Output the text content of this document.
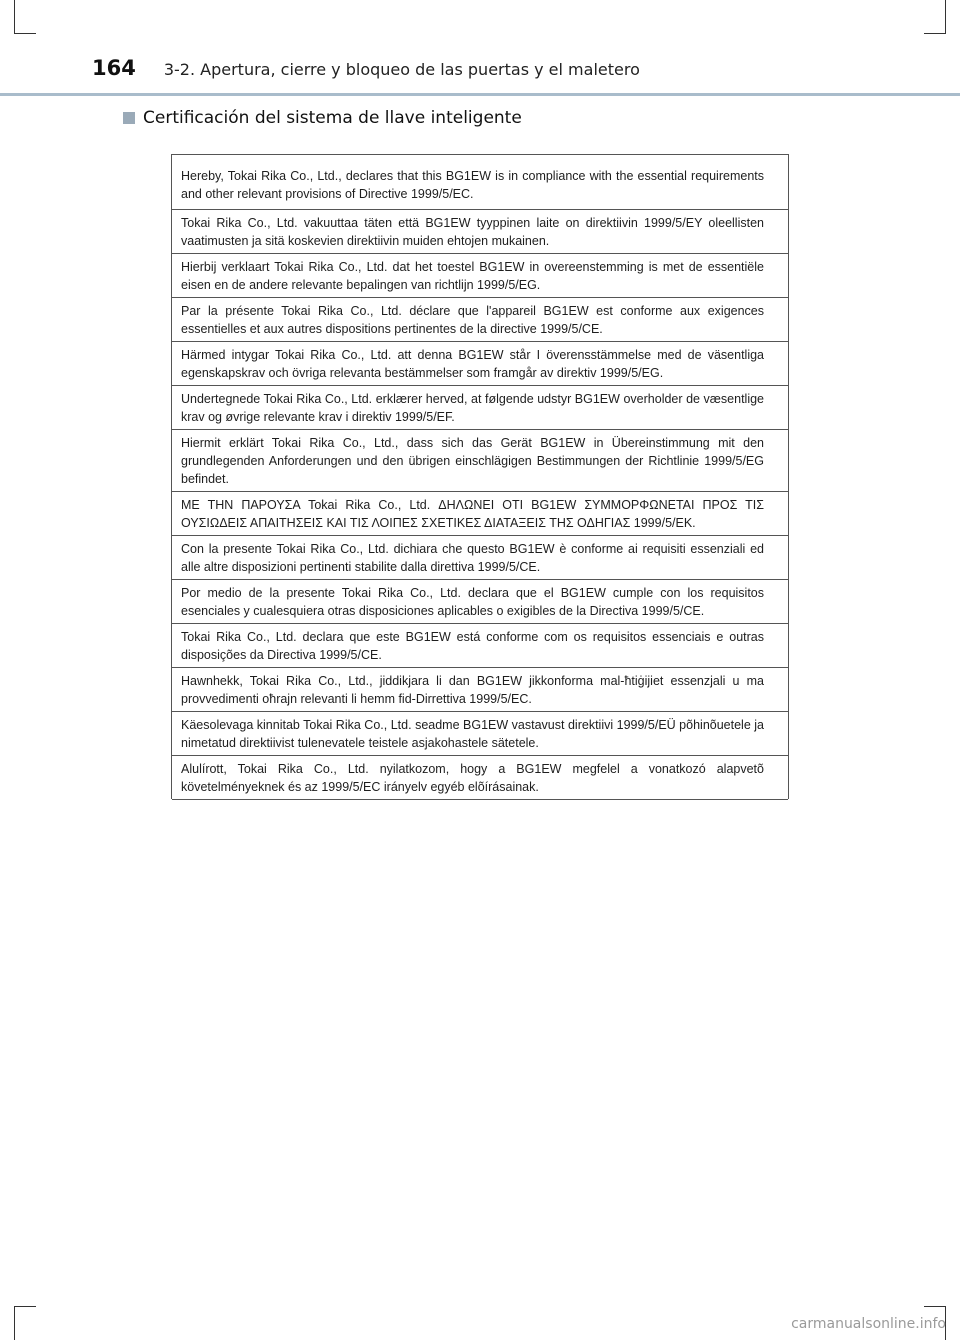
164 3-2. Apertura, cierre y bloqueo de las puertas y el maletero
Certificación del sistema de llave inteligente
Hereby, Tokai Rika Co., Ltd., declares that this BG1EW is in compliance with the essential requirements and other relevant provisions of Directive 1999/5/EC.
Tokai Rika Co., Ltd. vakuuttaa täten että BG1EW tyyppinen laite on direktiivin 1999/5/EY oleellisten vaatimusten ja sitä koskevien direktiivin muiden ehtojen mukainen.
Hierbij verklaart Tokai Rika Co., Ltd. dat het toestel BG1EW in overeenstemming is met de essentiële eisen en de andere relevante bepalingen van richtlijn 1999/5/EG.
Par la présente Tokai Rika Co., Ltd. déclare que l'appareil BG1EW est conforme aux exigences essentielles et aux autres dispositions pertinentes de la directive 1999/5/CE.
Härmed intygar Tokai Rika Co., Ltd. att denna BG1EW står I överensstämmelse med de väsentliga egenskapskrav och övriga relevanta bestämmelser som framgår av direktiv 1999/5/EG.
Undertegnede Tokai Rika Co., Ltd. erklærer herved, at følgende udstyr BG1EW overholder de væsentlige krav og øvrige relevante krav i direktiv 1999/5/EF.
Hiermit erklärt Tokai Rika Co., Ltd., dass sich das Gerät BG1EW in Übereinstimmung mit den grundlegenden Anforderungen und den übrigen einschlägigen Bestimmungen der Richtlinie 1999/5/EG befindet.
ΜΕ ΤΗΝ ΠΑΡΟΥΣΑ Tokai Rika Co., Ltd. ΔΗΛΩΝΕΙ ΟΤΙ BG1EW ΣΥΜΜΟΡΦΩΝΕΤΑΙ ΠΡΟΣ ΤΙΣ ΟΥΣΙΩΔΕΙΣ ΑΠΑΙΤΗΣΕΙΣ ΚΑΙ ΤΙΣ ΛΟΙΠΕΣ ΣΧΕΤΙΚΕΣ ΔΙΑΤΑΞΕΙΣ ΤΗΣ ΟΔΗΓΙΑΣ 1999/5/ΕΚ.
Con la presente Tokai Rika Co., Ltd. dichiara che questo BG1EW è conforme ai requisiti essenziali ed alle altre disposizioni pertinenti stabilite dalla direttiva 1999/5/CE.
Por medio de la presente Tokai Rika Co., Ltd. declara que el BG1EW cumple con los requisitos esenciales y cualesquiera otras disposiciones aplicables o exigibles de la Directiva 1999/5/CE.
Tokai Rika Co., Ltd. declara que este BG1EW está conforme com os requisitos essenciais e outras disposições da Directiva 1999/5/CE.
Hawnhekk, Tokai Rika Co., Ltd., jiddikjara li dan BG1EW jikkonforma mal-ħtiġijiet essenzjali u ma provvedimenti oħrajn relevanti li hemm fid-Dirrettiva 1999/5/EC.
Käesolevaga kinnitab Tokai Rika Co., Ltd. seadme BG1EW vastavust direktiivi 1999/5/EÜ põhinõuetele ja nimetatud direktiivist tulenevatele teistele asjakohastele sätetele.
Alulírott, Tokai Rika Co., Ltd. nyilatkozom, hogy a BG1EW megfelel a vonatkozó alapvetõ követelményeknek és az 1999/5/EC irányelv egyéb elõírásainak.
carmanualsonline.info
